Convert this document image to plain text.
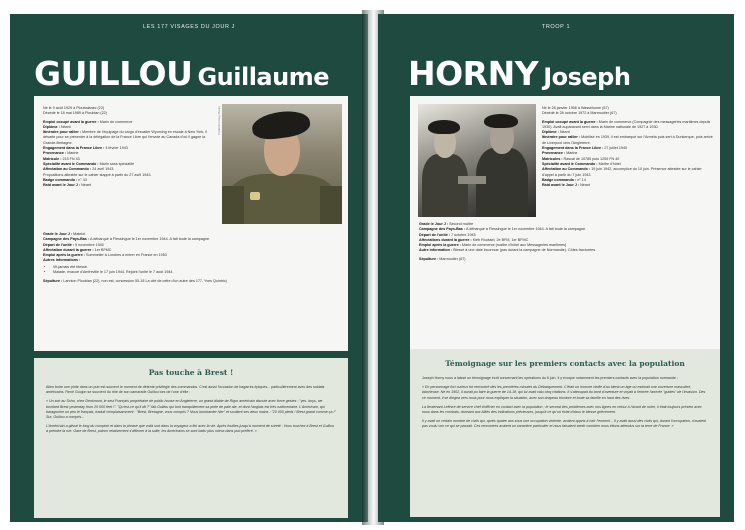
LES 177 VISAGES DU JOUR J
GUILLOU Guillaume

Né le 9 août 1929 à Ploubalanec (22)

Décédé le 18 mai 1989 à Ploubian (22)

Emploi occupé avant la guerre : Marin de commerce

Diplôme : Néant

Itinéraire pour rallier : Membre de l'équipage du cargo d'escalier Wyoming en escale à New York, il désarte pour se présenter à la délégation de la France Libre qui l'envoie au Canada d'où il gagne la Grande-Bretagne.

Engagement dans la France Libre : 4 février 1943

Provenance : Marine

Matricule : 215 FN 43

Spécialité avant le Commando : Marin sans spécialité

Affectation au Commando : 24 avril 1943.

Propositions attestée sur le cahier stappé à partir du 27 avril 1943.

Badge commando : n° 43

Raid avant le Jour J : Néant

Collection Guy Fleury

Grade le Jour J : Matelot

Campagne des Pays-Bas : A débarqué à Flessingue le 1er novembre 1944. A fait toute la campagne.

Départ de l'unité : 9 novembre 1945

Affectation durant la guerre : 1er BFMC

Emploi après la guerre : Sommelier à Londres à entrer en France en 1953

Autres informations :

• Vit-jamais été blessé.
• Malade, évacué d'Amfreville le 17 juin 1944, Rejoint l'unité le 7 août 1944.

Sépulture : Lannion Ploubian (22), non est, concession 55-18 La cité de cette d'un autre des 177, Yves Quintric)

Pas touche à Brest !

Allen boire une pinte dans un pub est souvent le moment de détente privilégié des commandos. C'est aussi l'occasion de bagarres épiques... particulièrement avec des soldats américains. René Goujon se souvient du rôle de son camarade Guillou lors de l'une d'elle :

« Un soir au Soho, chez Denkmont, le seul Français propriétaire de public-house en Angleterre, un grand diable de Rigor américain discute avec force gestes : "yes, boys, we bombed Brest yesterday from 20 000 feet !". "Qu'est-ce qu'il dit ?" fait Guillou qui boit tranquillement sa pinte de pale ale, et dont l'anglais est très rudimentaire. L'Américain, qui baragouine un peu le français, traduit complaisamment : "Brest, Bretagne, vous compris ? Nous bombarder hier" et soutient ses deux mains : "20 000 pieds ! Brest grand comme ça !" Sur, Guillou a compris...

L'Américain a glissé le long du comptoir et dans la phrase que voilà sort dans la voyageur a fini avec la vie. Après fouilles jusqu'à moment de sûreté : Vous touchez à Brest et Guillou à prendre la rue. Gare de Brest, patron relativement s'affirmer à la suite, les Américains se sont battu plus mieux dans pub préféré. »

TROOP 1
HORNY Joseph

Né le 28 janvier 1906 à Wasselonne (67)

Décédé le 28 octobre 1972 à Marmoutier (67)

Emploi occupé avant la guerre : Marin de commerce (Compagnie des messageries maritimes depuis 1930). Avait auparavant servi dans la Marine nationale de 1927 à 1930.

Diplôme : Néant

Itinéraire pour rallier : Mobilisé en 1939, il est embarqué sur l'Arméla puis sert à Dunkerque, puis arrivé de Liverpool vers l'Angleterre.

Engagement dans la France Libre : 27 juillet 1940

Provenance : Marine

Matricules : Rascal de 10785 puis 1200 FN 40

Spécialité avant le Commando : Maître d'hôtel

Affectation au Commando : 19 juin 1942, accomplice du 10 juin. Présence attestée sur le cahier d'appel à partir du 7 juin 1943.

Badge commando : n° 14

Raid avant le Jour J : Néant

Grade le Jour J : Second maître

Campagne des Pays-Bas : A débarqué à Flessingue le 1er novembre 1944. A fait toute la campagne.

Départ de l'unité : 7 octobre 1945

Affectations durant la guerre : Kiéb Roussel, 2e BFM, 1er BFMC

Emploi après la guerre : Marin de commerce (maître d'hôtel aux Messageries maritimes)

Autre information : Blessé à une date inconnue (pas durant la campagne de Normandie). Côtes fracturées.

Sépulture : Marmoutier (67)

Témoignage sur les premiers contacts avec la population

Joseph Horny nous a laissé un témoignage écrit concernant les opérations du 6 juin. Il y évoque notamment les premiers contacts avec la population normande :

« En personnage fort curieux fut rencontré dès les premières minutes du Débarquement. C'était un homme vieille d'au bienà un âge où estimait une ouverture masculine, laborieuse. Né en 1902, il aurait pu faire la guerre de 14-18, qui lui avait valu cinq citations. Il s'attroupait du bord d'aventure et voyait à l'entrée l'arrivée "guides" de l'invasion. Dès ce moment, il se dirigea vers nous pour nous expliquer la situation, avec son drapeau tricolore et toute sa famille en haut des rives.

La lieutenant Lefèvre de service chef d'officier en contact avec la population ; le second des problèmes avec nos lignes en retour à l'avant de notre, il était toujours présent avec nous dans les combats, donnant aux Alliés des indications précieuses, jusqu'à ce qu'un éclat d'obus le blesse grièvement.

Il y avait un certain nombre de civils qui, après quatre ans sous une occupation violente, avaient appris à haïr l'ennemi... Il y avait aussi des civils qui, durant l'occupation, n'avaient pas voulu voir ce qui se passait. Ces rencontres avaient un caractère particulier et nous faisaient sentir combien nous étions attendus sur la terre de France. »
